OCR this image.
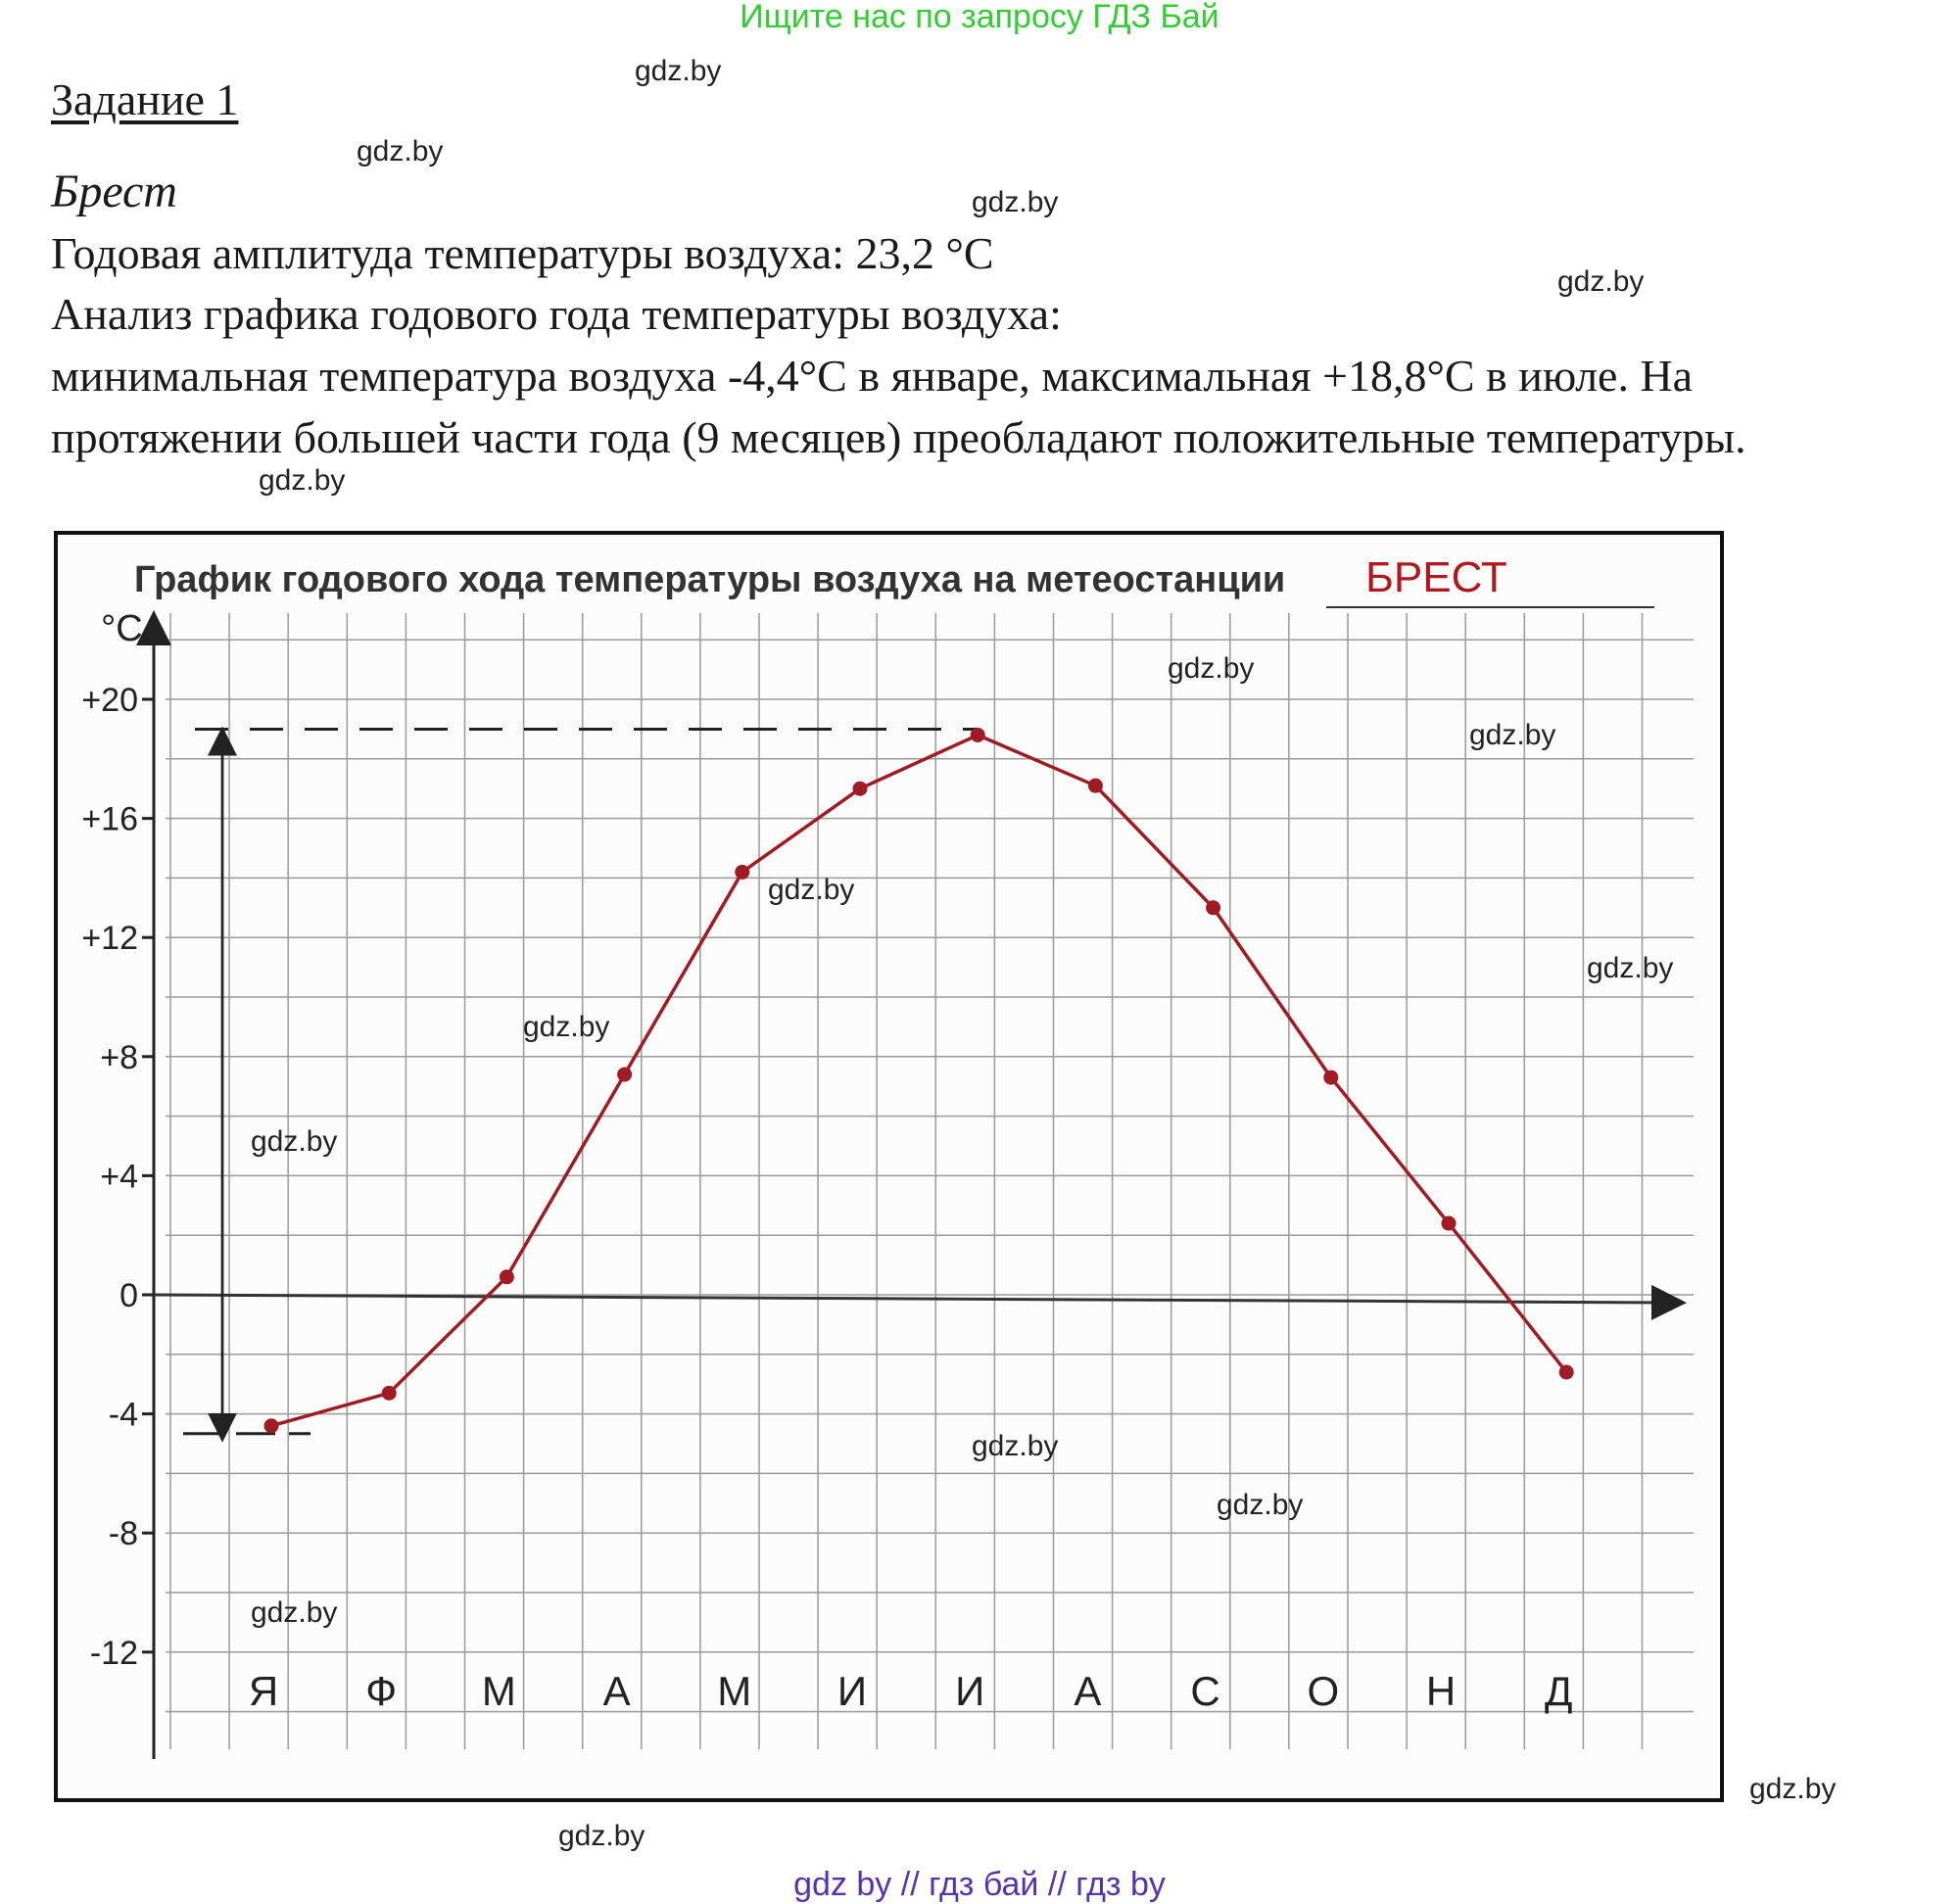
Ищите нас по запросу ГДЗ Бай
Задание 1
Брест
Годовая амплитуда температуры воздуха: 23,2 °С
Анализ графика годового года температуры воздуха:
минимальная температура воздуха -4,4°С в январе, максимальная +18,8°С в июле. На
протяжении большей части года (9 месяцев) преобладают положительные температуры.
График годового хода температуры воздуха на метеостанции БРЕСТ
°С
+20
+16
+12
+8
+4
0
-4
-8
-12
Я Ф М А М И И А С О Н Д
gdz.by
gdz.by
gdz.by
gdz.by
gdz.by
gdz.by
gdz.by
gdz.by
gdz.by
gdz.by
gdz.by
gdz.by
gdz.by
gdz.by
gdz.by
gdz.by
gdz by // гдз бай // гдз by
